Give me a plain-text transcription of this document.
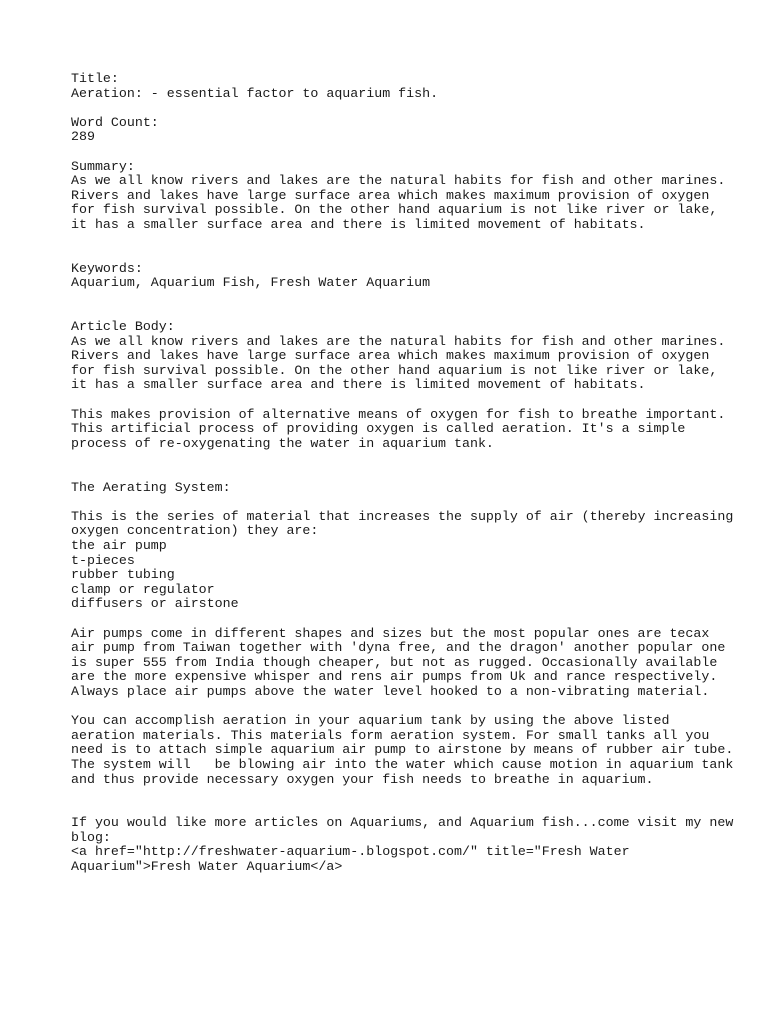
Title:
Aeration: - essential factor to aquarium fish.
Word Count:
289
Summary:
As we all know rivers and lakes are the natural habits for fish and other marines.
Rivers and lakes have large surface area which makes maximum provision of oxygen
for fish survival possible. On the other hand aquarium is not like river or lake,
it has a smaller surface area and there is limited movement of habitats.
Keywords:
Aquarium, Aquarium Fish, Fresh Water Aquarium
Article Body:
As we all know rivers and lakes are the natural habits for fish and other marines.
Rivers and lakes have large surface area which makes maximum provision of oxygen
for fish survival possible. On the other hand aquarium is not like river or lake,
it has a smaller surface area and there is limited movement of habitats.
This makes provision of alternative means of oxygen for fish to breathe important.
This artificial process of providing oxygen is called aeration. It's a simple
process of re-oxygenating the water in aquarium tank.
The Aerating System:
This is the series of material that increases the supply of air (thereby increasing
oxygen concentration) they are:
the air pump
t-pieces
rubber tubing
clamp or regulator
diffusers or airstone
Air pumps come in different shapes and sizes but the most popular ones are tecax
air pump from Taiwan together with 'dyna free, and the dragon' another popular one
is super 555 from India though cheaper, but not as rugged. Occasionally available
are the more expensive whisper and rens air pumps from Uk and rance respectively.
Always place air pumps above the water level hooked to a non-vibrating material.
You can accomplish aeration in your aquarium tank by using the above listed
aeration materials. This materials form aeration system. For small tanks all you
need is to attach simple aquarium air pump to airstone by means of rubber air tube.
The system will   be blowing air into the water which cause motion in aquarium tank
and thus provide necessary oxygen your fish needs to breathe in aquarium.
If you would like more articles on Aquariums, and Aquarium fish...come visit my new
blog:
<a href="http://freshwater-aquarium-.blogspot.com/" title="Fresh Water
Aquarium">Fresh Water Aquarium</a>
